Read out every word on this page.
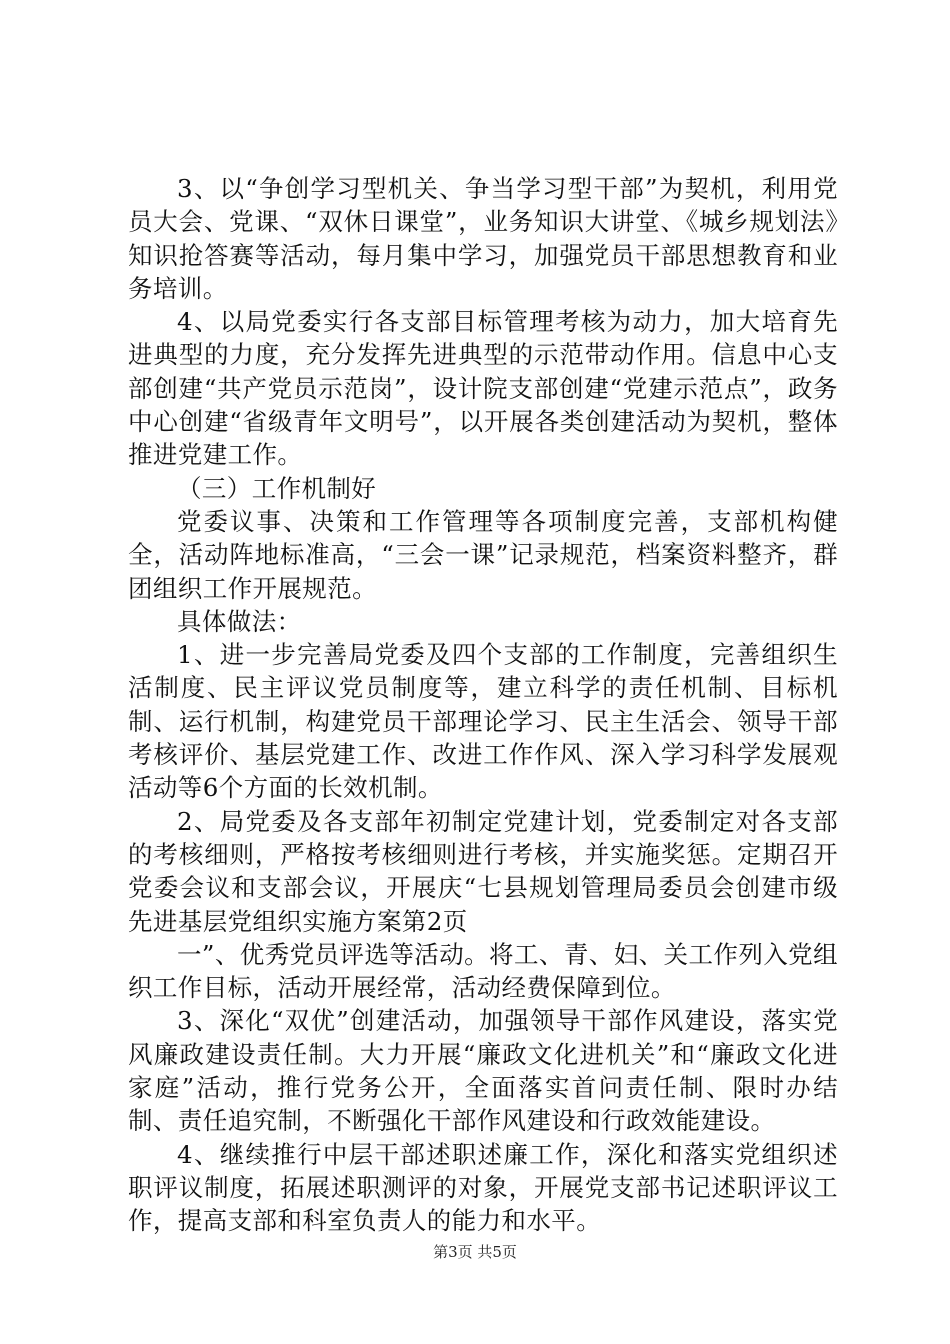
3、以“争创学习型机关、争当学习型干部”为契机，利用党员大会、党课、“双休日课堂”，业务知识大讲堂、《城乡规划法》知识抢答赛等活动，每月集中学习，加强党员干部思想教育和业务培训。

4、以局党委实行各支部目标管理考核为动力，加大培育先进典型的力度，充分发挥先进典型的示范带动作用。信息中心支部创建“共产党员示范岗”，设计院支部创建“党建示范点”，政务中心创建“省级青年文明号”，以开展各类创建活动为契机，整体推进党建工作。

（三）工作机制好

党委议事、决策和工作管理等各项制度完善，支部机构健全，活动阵地标准高，“三会一课”记录规范，档案资料整齐，群团组织工作开展规范。

具体做法：

1、进一步完善局党委及四个支部的工作制度，完善组织生活制度、民主评议党员制度等，建立科学的责任机制、目标机制、运行机制，构建党员干部理论学习、民主生活会、领导干部考核评价、基层党建工作、改进工作作风、深入学习科学发展观活动等6个方面的长效机制。

2、局党委及各支部年初制定党建计划，党委制定对各支部的考核细则，严格按考核细则进行考核，并实施奖惩。定期召开党委会议和支部会议，开展庆“七县规划管理局委员会创建市级先进基层党组织实施方案第2页

一”、优秀党员评选等活动。将工、青、妇、关工作列入党组织工作目标，活动开展经常，活动经费保障到位。

3、深化“双优”创建活动，加强领导干部作风建设，落实党风廉政建设责任制。大力开展“廉政文化进机关”和“廉政文化进家庭”活动，推行党务公开，全面落实首问责任制、限时办结制、责任追究制，不断强化干部作风建设和行政效能建设。

4、继续推行中层干部述职述廉工作，深化和落实党组织述职评议制度，拓展述职测评的对象，开展党支部书记述职评议工作，提高支部和科室负责人的能力和水平。

第3页 共5页
